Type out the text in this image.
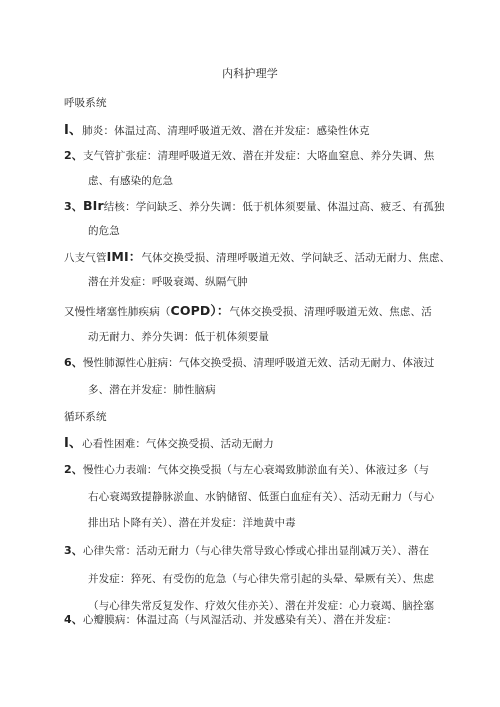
内科护理学
呼吸系统
I、肺炎：体温过高、清理呼吸道无效、潜在并发症：感染性休克
2、支气管扩张症：清理呼吸道无效、潜在并发症：大咯血窒息、养分失调、焦
虑、有感染的危急
3、BIr结核：学问缺乏、养分失调：低于机体须要量、体温过高、疲乏、有孤独
的危急
八支气管IMI：气体交换受损、清理呼吸道无效、学问缺乏、活动无耐力、焦虑、
潜在并发症：呼吸衰竭、纵隔气肿
又慢性堵塞性肺疾病（COPD）：气体交换受损、清理呼吸道无效、焦虑、活
动无耐力、养分失调：低于机体须要量
6、慢性肺源性心脏病：气体交换受损、清理呼吸道无效、活动无耐力、体液过
多、潜在并发症：肺性脑病
循环系统
I、心看性困难：气体交换受损、活动无耐力
2、慢性心力表端：气体交换受损（与左心衰竭致肺淤血有关）、体液过多（与
右心衰竭致提静脉淤血、水钠储留、低蛋白血症有关）、活动无耐力（与心
排出玷卜降有关）、潜在并发症：洋地黄中毒
3、心律失常：活动无耐力（与心律失常导致心悸或心排出显削减万关）、潜在
并发症：猝死、有受伤的危急（与心律失常引起的头晕、晕厥有关）、焦虑
（与心律失常反复发作、疗效欠佳亦关）、潜在并发症：心力衰竭、脑拴塞
4、心瓣膜病：体温过高（与风湿活动、并发感染有关）、潜在并发症：
